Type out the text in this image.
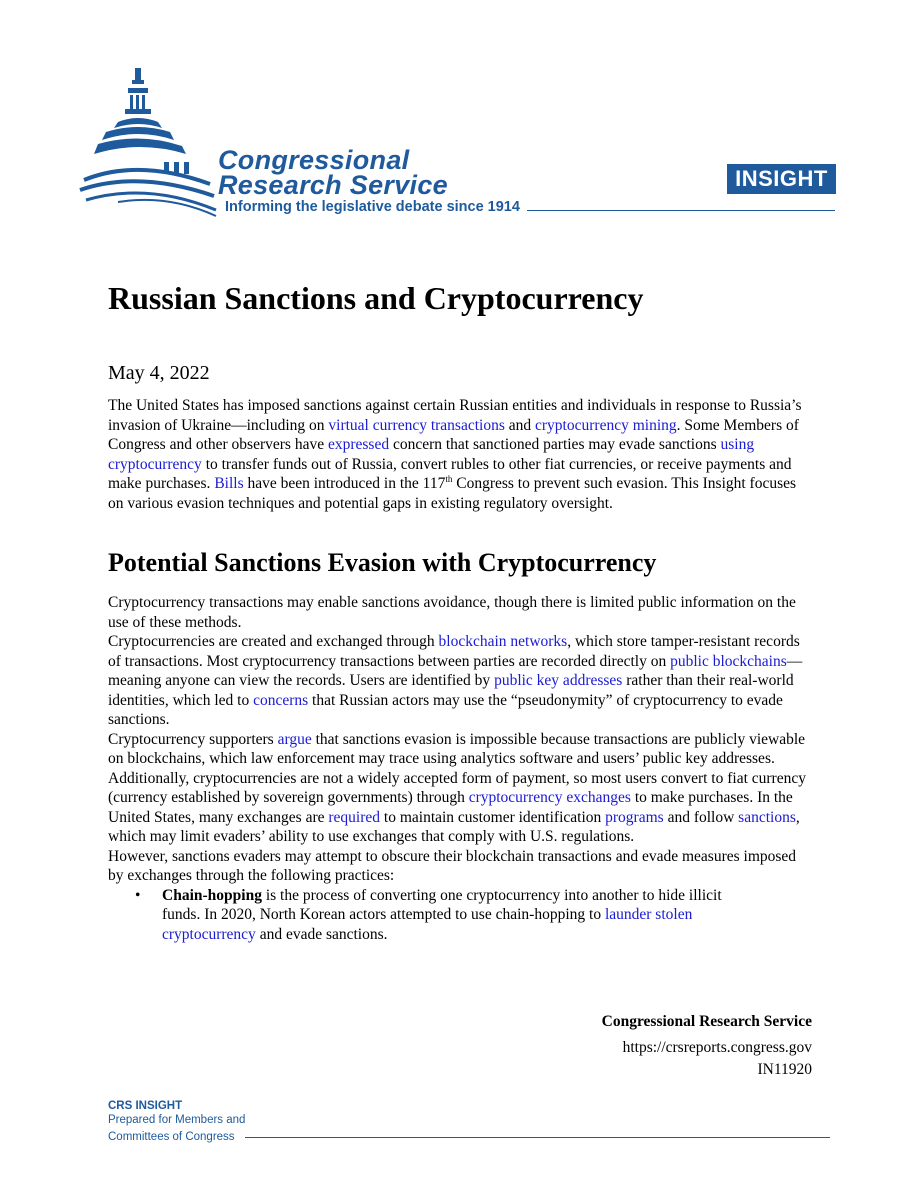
Congressional
Research Service
Informing the legislative debate since 1914
INSIGHT
Russian Sanctions and Cryptocurrency
May 4, 2022

The United States has imposed sanctions against certain Russian entities and individuals in response to Russia’s invasion of Ukraine—including on virtual currency transactions and cryptocurrency mining. Some Members of Congress and other observers have expressed concern that sanctioned parties may evade sanctions using cryptocurrency to transfer funds out of Russia, convert rubles to other fiat currencies, or receive payments and make purchases. Bills have been introduced in the 117th Congress to prevent such evasion. This Insight focuses on various evasion techniques and potential gaps in existing regulatory oversight.

Potential Sanctions Evasion with Cryptocurrency

Cryptocurrency transactions may enable sanctions avoidance, though there is limited public information on the use of these methods.

Cryptocurrencies are created and exchanged through blockchain networks, which store tamper-resistant records of transactions. Most cryptocurrency transactions between parties are recorded directly on public blockchains—meaning anyone can view the records. Users are identified by public key addresses rather than their real-world identities, which led to concerns that Russian actors may use the “pseudonymity” of cryptocurrency to evade sanctions.

Cryptocurrency supporters argue that sanctions evasion is impossible because transactions are publicly viewable on blockchains, which law enforcement may trace using analytics software and users’ public key addresses. Additionally, cryptocurrencies are not a widely accepted form of payment, so most users convert to fiat currency (currency established by sovereign governments) through cryptocurrency exchanges to make purchases. In the United States, many exchanges are required to maintain customer identification programs and follow sanctions, which may limit evaders’ ability to use exchanges that comply with U.S. regulations.

However, sanctions evaders may attempt to obscure their blockchain transactions and evade measures imposed by exchanges through the following practices:

• Chain-hopping is the process of converting one cryptocurrency into another to hide illicit funds. In 2020, North Korean actors attempted to use chain-hopping to launder stolen cryptocurrency and evade sanctions.
Congressional Research Service
https://crsreports.congress.gov
IN11920
CRS INSIGHT
Prepared for Members and
Committees of Congress
